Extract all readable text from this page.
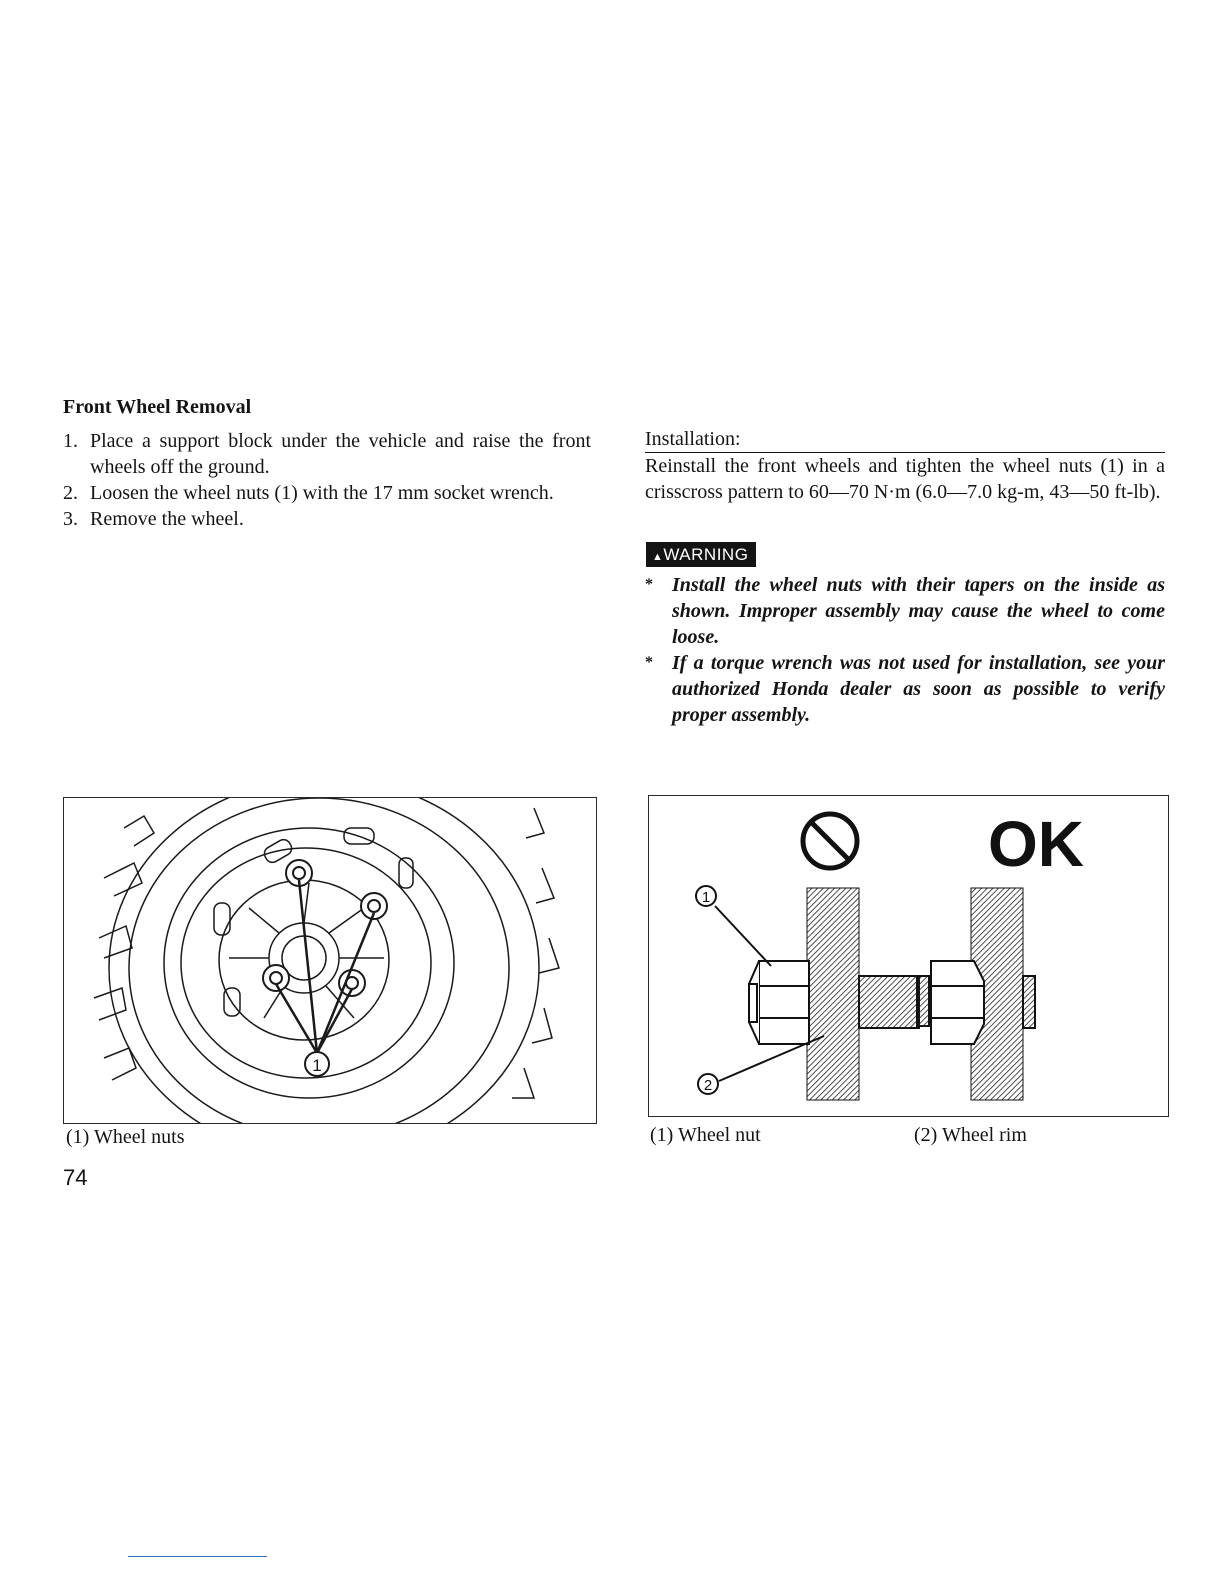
Front Wheel Removal
1. Place a support block under the vehicle and raise the front wheels off the ground.
2. Loosen the wheel nuts (1) with the 17 mm socket wrench.
3. Remove the wheel.
Installation:
Reinstall the front wheels and tighten the wheel nuts (1) in a crisscross pattern to 60—70 N·m (6.0—7.0 kg-m, 43—50 ft-lb).
▲WARNING
* Install the wheel nuts with their tapers on the inside as shown. Improper assembly may cause the wheel to come loose.
* If a torque wrench was not used for installation, see your authorized Honda dealer as soon as possible to verify proper assembly.
1
OK
1
2
(1) Wheel nuts	(1) Wheel nut	(2) Wheel rim
74
